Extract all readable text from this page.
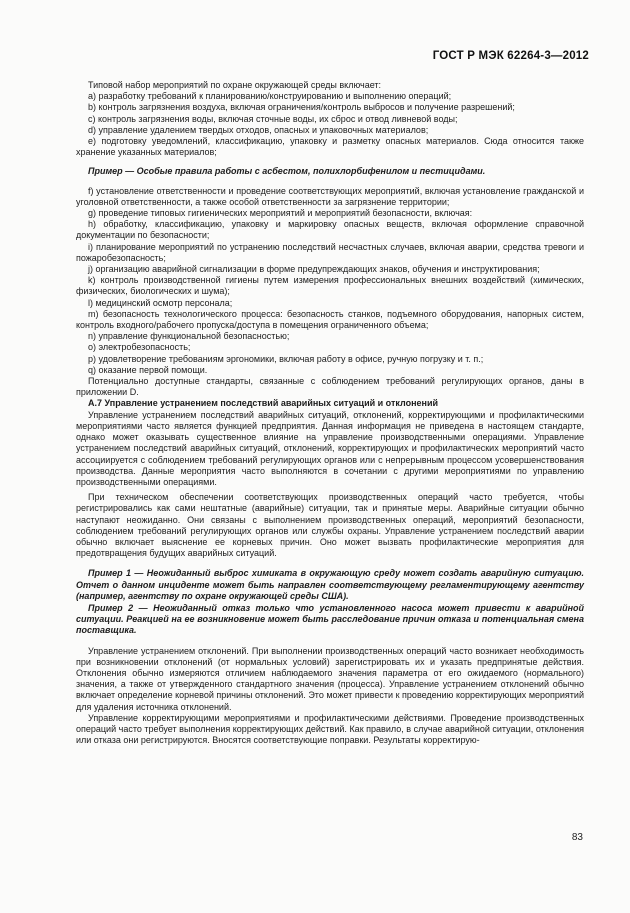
ГОСТ Р МЭК 62264-3—2012

Типовой набор мероприятий по охране окружающей среды включает:

a) разработку требований к планированию/конструированию и выполнению операций;

b) контроль загрязнения воздуха, включая ограничения/контроль выбросов и получение разрешений;

c) контроль загрязнения воды, включая сточные воды, их сброс и отвод ливневой воды;

d) управление удалением твердых отходов, опасных и упаковочных материалов;

e) подготовку уведомлений, классификацию, упаковку и разметку опасных материалов. Сюда относится также хранение указанных материалов;

Пример — Особые правила работы с асбестом, полихлорбифенилом и пестицидами.

f) установление ответственности и проведение соответствующих мероприятий, включая установление гражданской и уголовной ответственности, а также особой ответственности за загрязнение территории;

g) проведение типовых гигиенических мероприятий и мероприятий безопасности, включая:

h) обработку, классификацию, упаковку и маркировку опасных веществ, включая оформление справочной документации по безопасности;

i) планирование мероприятий по устранению последствий несчастных случаев, включая аварии, средства тревоги и пожаробезопасность;

j) организацию аварийной сигнализации в форме предупреждающих знаков, обучения и инструктирования;

k) контроль производственной гигиены путем измерения профессиональных внешних воздействий (химических, физических, биологических и шума);

l) медицинский осмотр персонала;

m) безопасность технологического процесса: безопасность станков, подъемного оборудования, напорных систем, контроль входного/рабочего пропуска/доступа в помещения ограниченного объема;

n) управление функциональной безопасностью;

o) электробезопасность;

p) удовлетворение требованиям эргономики, включая работу в офисе, ручную погрузку и т. п.;

q) оказание первой помощи.

Потенциально доступные стандарты, связанные с соблюдением требований регулирующих органов, даны в приложении D.

А.7 Управление устранением последствий аварийных ситуаций и отклонений

Управление устранением последствий аварийных ситуаций, отклонений, корректирующими и профилактическими мероприятиями часто является функцией предприятия. Данная информация не приведена в настоящем стандарте, однако может оказывать существенное влияние на управление производственными операциями. Управление устранением последствий аварийных ситуаций, отклонений, корректирующих и профилактических мероприятий часто ассоциируется с соблюдением требований регулирующих органов или с непрерывным процессом усовершенствования производства. Данные мероприятия часто выполняются в сочетании с другими мероприятиями по управлению производственными операциями.

При техническом обеспечении соответствующих производственных операций часто требуется, чтобы регистрировались как сами нештатные (аварийные) ситуации, так и принятые меры. Аварийные ситуации обычно наступают неожиданно. Они связаны с выполнением производственных операций, мероприятий безопасности, соблюдением требований регулирующих органов или службы охраны. Управление устранением последствий аварии обычно включает выяснение ее корневых причин. Оно может вызвать профилактические мероприятия для предотвращения будущих аварийных ситуаций.

Пример 1 — Неожиданный выброс химиката в окружающую среду может создать аварийную ситуацию. Отчет о данном инциденте может быть направлен соответствующему регламентирующему агентству (например, агентству по охране окружающей среды США).

Пример 2 — Неожиданный отказ только что установленного насоса может привести к аварийной ситуации. Реакцией на ее возникновение может быть расследование причин отказа и потенциальная смена поставщика.

Управление устранением отклонений. При выполнении производственных операций часто возникает необходимость при возникновении отклонений (от нормальных условий) зарегистрировать их и указать предпринятые действия. Отклонения обычно измеряются отличием наблюдаемого значения параметра от его ожидаемого (нормального) значения, а также от утвержденного стандартного значения (процесса). Управление устранением отклонений обычно включает определение корневой причины отклонений. Это может привести к проведению корректирующих мероприятий для удаления источника отклонений.

Управление корректирующими мероприятиями и профилактическими действиями. Проведение производственных операций часто требует выполнения корректирующих действий. Как правило, в случае аварийной ситуации, отклонения или отказа они регистрируются. Вносятся соответствующие поправки. Результаты корректирую-

83
